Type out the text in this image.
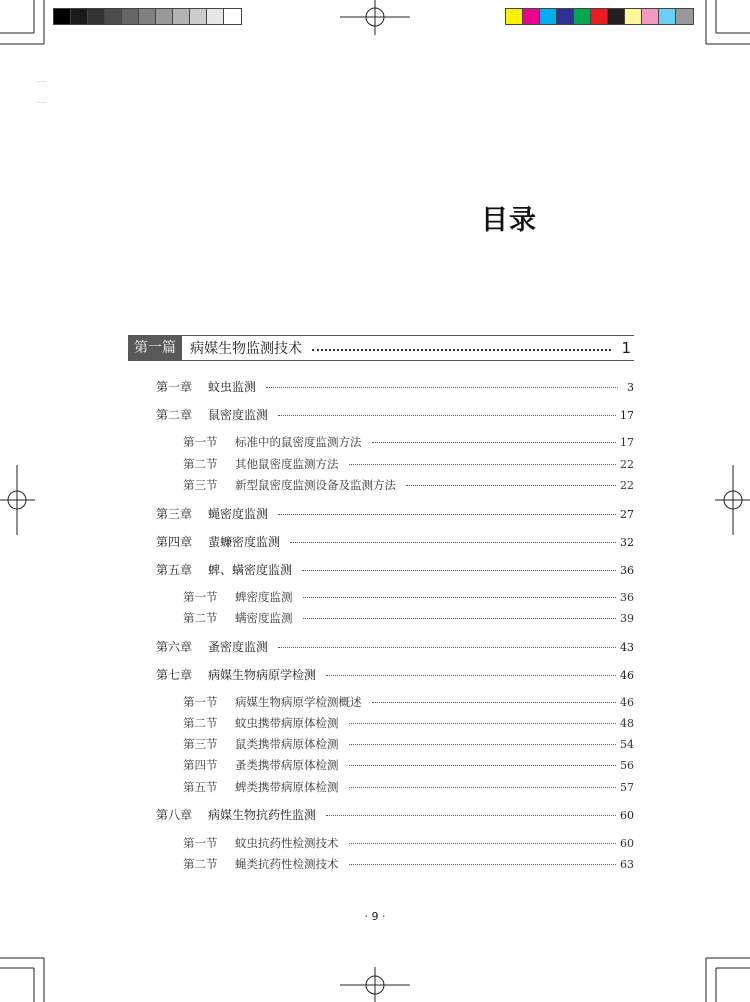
......
......
目录
第一篇	病媒生物监测技术	1
第一章	蚊虫监测	3
第二章	鼠密度监测	17
第一节	标准中的鼠密度监测方法	17
第二节	其他鼠密度监测方法	22
第三节	新型鼠密度监测设备及监测方法	22
第三章	蝇密度监测	27
第四章	蜚蠊密度监测	32
第五章	蜱、螨密度监测	36
第一节	蜱密度监测	36
第二节	螨密度监测	39
第六章	蚤密度监测	43
第七章	病媒生物病原学检测	46
第一节	病媒生物病原学检测概述	46
第二节	蚊虫携带病原体检测	48
第三节	鼠类携带病原体检测	54
第四节	蚤类携带病原体检测	56
第五节	蜱类携带病原体检测	57
第八章	病媒生物抗药性监测	60
第一节	蚊虫抗药性检测技术	60
第二节	蝇类抗药性检测技术	63
· 9 ·
